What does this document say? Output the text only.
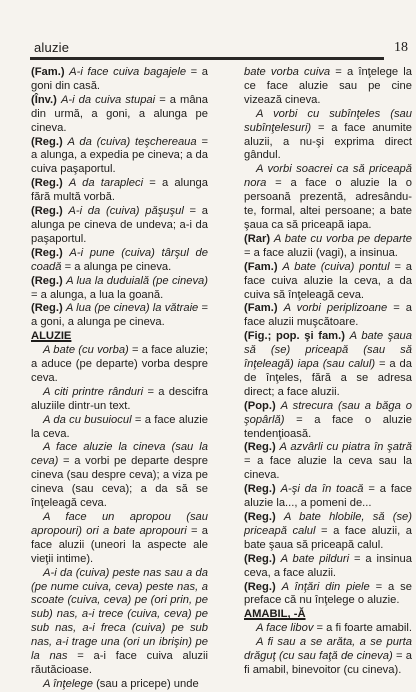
aluzie	18

(Fam.) A-i face cuiva bagajele = a goni din casă.

(Înv.) A-i da cuiva stupai = a mâna din urmă, a goni, a alunga pe cineva.

(Reg.) A da (cuiva) teşchereaua = a alunga, a expedia pe cineva; a da cuiva paşaportul.

(Reg.) A da tarapleci = a alunga fără multă vorbă.

(Reg.) A-i da (cuiva) păşuşul = a alunga pe cineva de undeva; a-i da paşaportul.

(Reg.) A-i pune (cuiva) târşul de coadă = a alunga pe cineva.

(Reg.) A lua la duduială (pe cineva) = a alunga, a lua la goană.

(Reg.) A lua (pe cineva) la vătraie = a goni, a alunga pe cineva.

ALUZIE

A bate (cu vorba) = a face aluzie; a aduce (pe departe) vorba despre ceva.

A citi printre rânduri = a descifra aluziile dintr-un text.

A da cu busuiocul = a face aluzie la ceva.

A face aluzie la cineva (sau la ceva) = a vorbi pe departe despre cineva (sau despre ceva); a viza pe cineva (sau ceva); a da să se înţeleagă ceva.

A face un apropou (sau apropouri) ori a bate apropouri = a face aluzii (uneori la aspecte ale vieţii intime).

A-i da (cuiva) peste nas sau a da (pe nume cuiva, ceva) peste nas, a scoate (cuiva, ceva) pe (ori prin, pe sub) nas, a-i trece (cuiva, ceva) pe sub nas, a-i freca (cuiva) pe sub nas, a-i trage una (ori un ibrişin) pe la nas = a-i face cuiva aluzii răutăcioase.

A înţelege (sau a pricepe) unde

bate vorba cuiva = a înţelege la ce face aluzie sau pe cine vizează cineva.

A vorbi cu subînţeles (sau subînţelesuri) = a face anumite aluzii, a nu-şi exprima direct gândul.

A vorbi soacrei ca să priceapă nora = a face o aluzie la o persoană prezentă, adresându-te, formal, altei persoane; a bate şaua ca să priceapă iapa.

(Rar) A bate cu vorba pe departe = a face aluzii (vagi), a insinua.

(Fam.) A bate (cuiva) pontul = a face cuiva aluzie la ceva, a da cuiva să înţeleagă ceva.

(Fam.) A vorbi periplizoane = a face aluzii muşcătoare.

(Fig.; pop. şi fam.) A bate şaua să (se) priceapă (sau să înţeleagă) iapa (sau calul) = a da de înţeles, fără a se adresa direct; a face aluzii.

(Pop.) A strecura (sau a băga o şopârlă) = a face o aluzie tendenţioasă.

(Reg.) A azvârli cu piatra în şatră = a face aluzie la ceva sau la cineva.

(Reg.) A-şi da în toacă = a face aluzie la..., a pomeni de...

(Reg.) A bate hlobile, să (se) priceapă calul = a face aluzii, a bate şaua să priceapă calul.

(Reg.) A bate pilduri = a insinua ceva, a face aluzii.

(Reg.) A înţări din piele = a se preface că nu înţelege o aluzie.

AMABIL, -Ă

A face libov = a fi foarte amabil.

A fi sau a se arăta, a se purta drăguţ (cu sau faţă de cineva) = a fi amabil, binevoitor (cu cineva).
